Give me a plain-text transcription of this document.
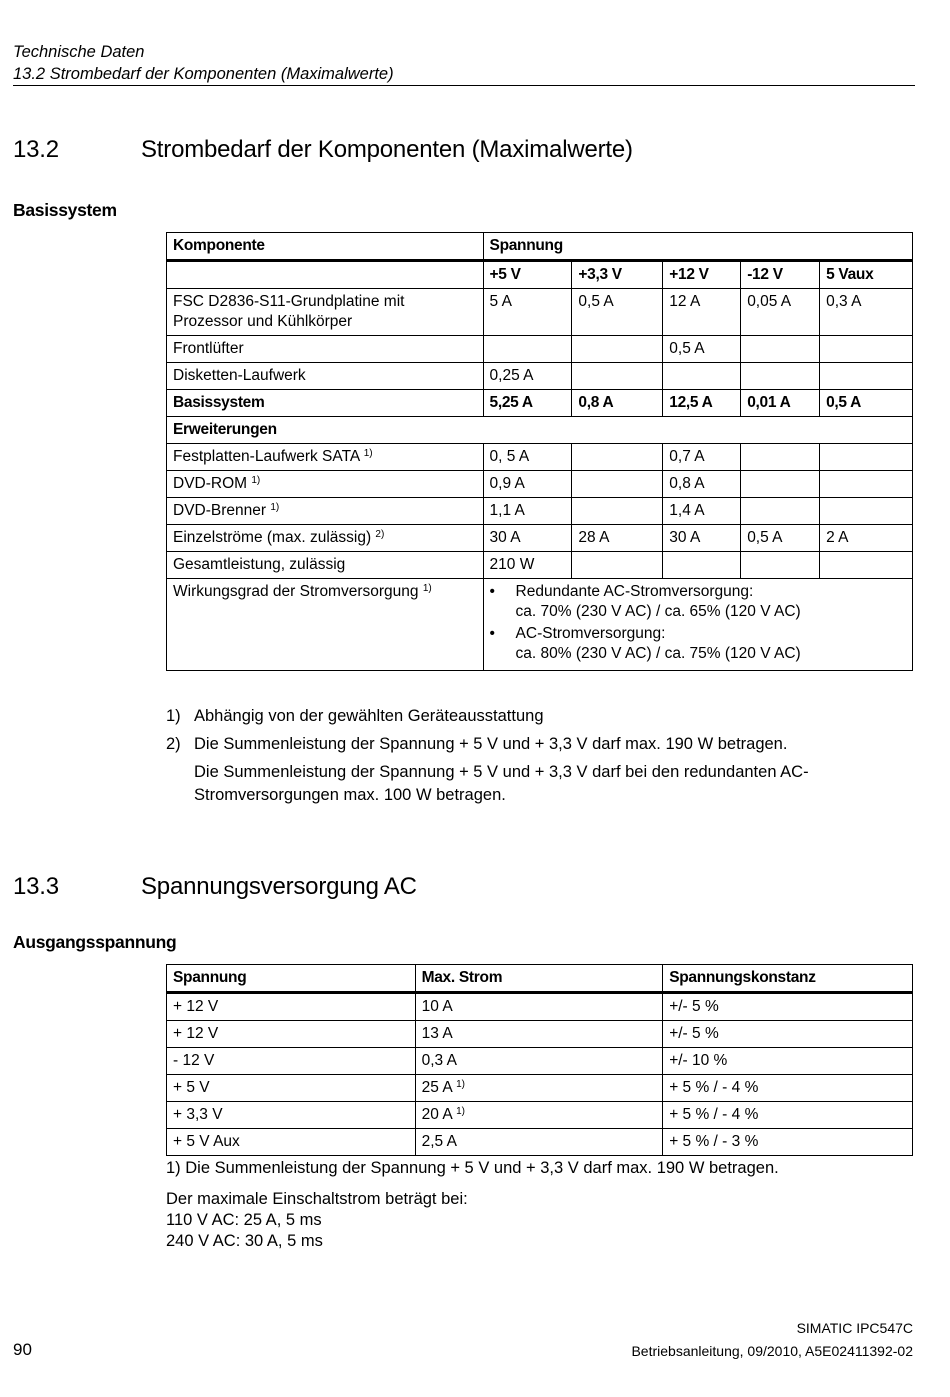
Technische Daten
13.2 Strombedarf der Komponenten (Maximalwerte)
13.2	Strombedarf der Komponenten (Maximalwerte)
Basissystem
Komponente	Spannung				
	+5 V	+3,3 V	+12 V	-12 V	5 Vaux

FSC D2836-S11-Grundplatine mit
Prozessor und Kühlkörper	5 A	0,5 A	12 A	0,05 A	0,3 A
Frontlüfter			0,5 A		
Disketten-Laufwerk	0,25 A				
Basissystem	5,25 A	0,8 A	12,5 A	0,01 A	0,5 A
Erweiterungen					
Festplatten-Laufwerk SATA $^{1)}$	0, 5 A		0,7 A		
DVD-ROM $^{1)}$	0,9 A		0,8 A		
DVD-Brenner $^{1)}$	1,1 A		1,4 A		
Einzelströme (max. zulässig) $^{2)}$	30 A	28 A	30 A	0,5 A	2 A
Gesamtleistung, zulässig	210 W				
Wirkungsgrad der Stromversorgung $^{1)}$	• Redundante AC-Stromversorgung:
ca. 70% (230 V AC) / ca. 65% (120 V AC)
• AC-Stromversorgung:
ca. 80% (230 V AC) / ca. 75% (120 V AC)
1) Abhängig von der gewählten Geräteausstattung
2) Die Summenleistung der Spannung + 5 V und + 3,3 V darf max. 190 W betragen.
Die Summenleistung der Spannung + 5 V und + 3,3 V darf bei den redundanten AC-
Stromversorgungen max. 100 W betragen.
13.3	Spannungsversorgung AC
Ausgangsspannung
Spannung	Max. Strom	Spannungskonstanz
+ 12 V	10 A	+/- 5 %
+ 12 V	13 A	+/- 5 %
- 12 V	0,3 A	+/- 10 %
+ 5 V	25 A $^{1)}$	+ 5 % / - 4 %
+ 3,3 V	20 A $^{1)}$	+ 5 % / - 4 %
+ 5 V Aux	2,5 A	+ 5 % / - 3 %
1) Die Summenleistung der Spannung + 5 V und + 3,3 V darf max. 190 W betragen.
Der maximale Einschaltstrom beträgt bei:
110 V AC: 25 A, 5 ms
240 V AC: 30 A, 5 ms
SIMATIC IPC547C
Betriebsanleitung, 09/2010, A5E02411392-02
90
